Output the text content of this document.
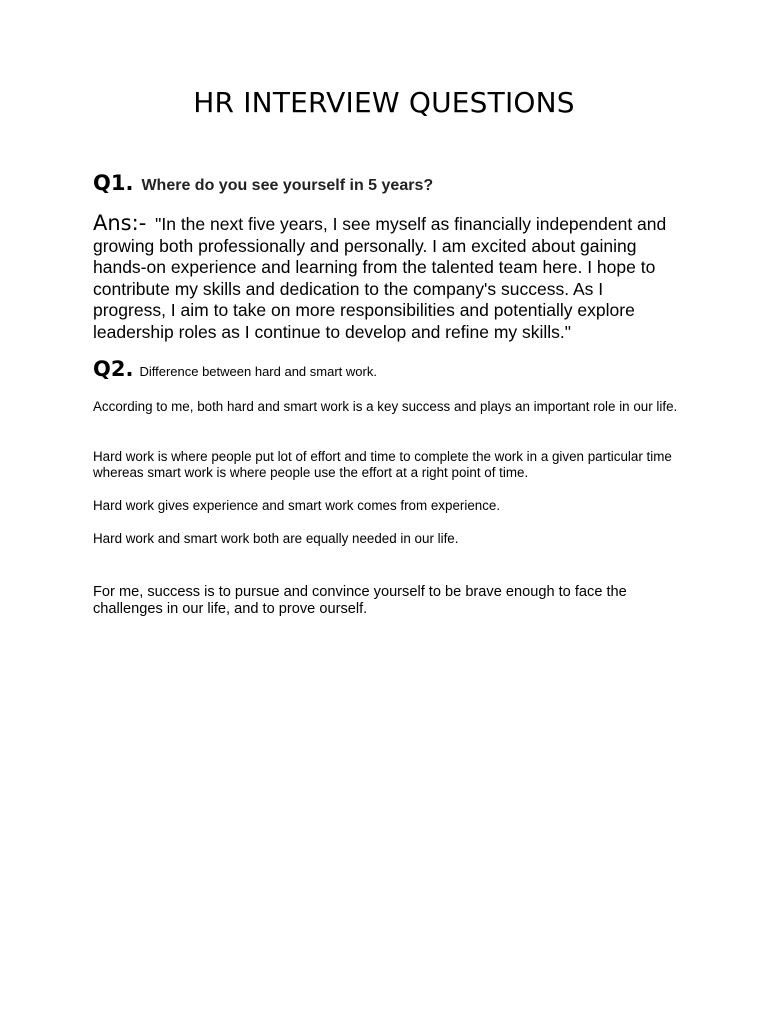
HR INTERVIEW QUESTIONS
Q1. Where do you see yourself in 5 years?

Ans:- "In the next five years, I see myself as financially independent and growing both professionally and personally. I am excited about gaining hands-on experience and learning from the talented team here. I hope to contribute my skills and dedication to the company's success. As I progress, I aim to take on more responsibilities and potentially explore leadership roles as I continue to develop and refine my skills."

Q2. Difference between hard and smart work.

According to me, both hard and smart work is a key success and plays an important role in our life.

Hard work is where people put lot of effort and time to complete the work in a given particular time whereas smart work is where people use the effort at a right point of time.

Hard work gives experience and smart work comes from experience.

Hard work and smart work both are equally needed in our life.

For me, success is to pursue and convince yourself to be brave enough to face the challenges in our life, and to prove ourself.
